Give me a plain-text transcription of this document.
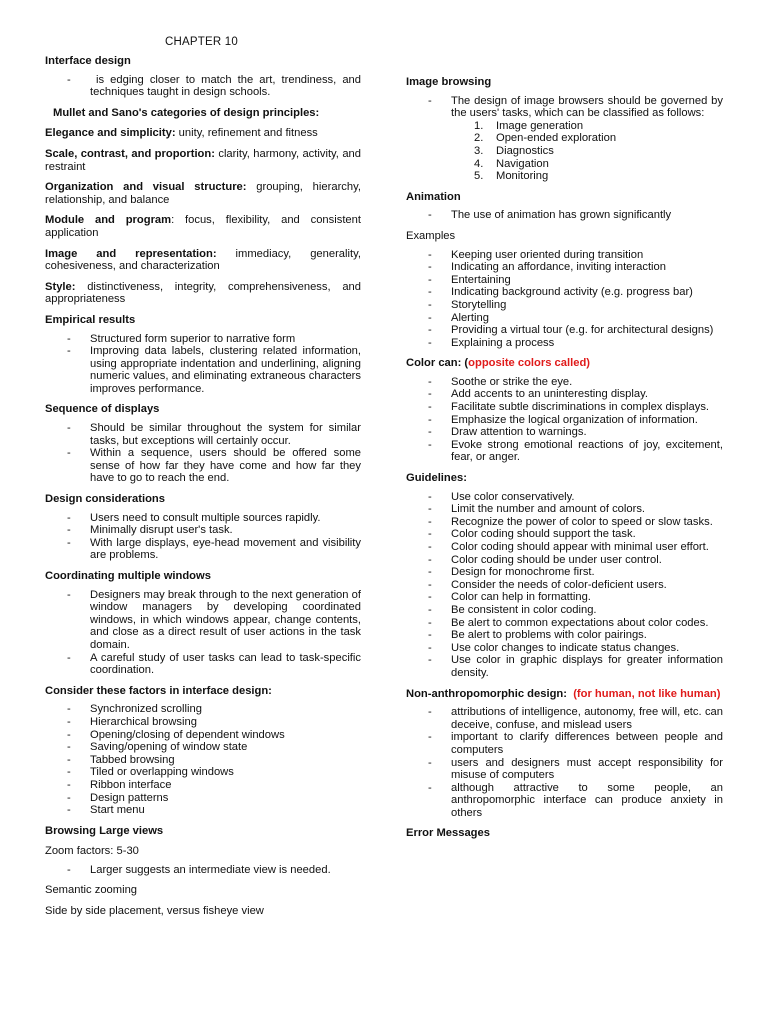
CHAPTER 10

Interface design

- is edging closer to match the art, trendiness, and techniques taught in design schools.

Mullet and Sano's categories of design principles:

Elegance and simplicity: unity, refinement and fitness

Scale, contrast, and proportion: clarity, harmony, activity, and restraint

Organization and visual structure: grouping, hierarchy, relationship, and balance

Module and program: focus, flexibility, and consistent application

Image and representation: immediacy, generality, cohesiveness, and characterization

Style: distinctiveness, integrity, comprehensiveness, and appropriateness

Empirical results

- Structured form superior to narrative form
- Improving data labels, clustering related information, using appropriate indentation and underlining, aligning numeric values, and eliminating extraneous characters improves performance.

Sequence of displays

- Should be similar throughout the system for similar tasks, but exceptions will certainly occur.
- Within a sequence, users should be offered some sense of how far they have come and how far they have to go to reach the end.

Design considerations

- Users need to consult multiple sources rapidly.
- Minimally disrupt user's task.
- With large displays, eye-head movement and visibility are problems.

Coordinating multiple windows

- Designers may break through to the next generation of window managers by developing coordinated windows, in which windows appear, change contents, and close as a direct result of user actions in the task domain.
- A careful study of user tasks can lead to task-specific coordination.

Consider these factors in interface design:

- Synchronized scrolling
- Hierarchical browsing
- Opening/closing of dependent windows
- Saving/opening of window state
- Tabbed browsing
- Tiled or overlapping windows
- Ribbon interface
- Design patterns
- Start menu

Browsing Large views

Zoom factors: 5-30

- Larger suggests an intermediate view is needed.

Semantic zooming

Side by side placement, versus fisheye view

Image browsing

- The design of image browsers should be governed by the users' tasks, which can be classified as follows:
1. Image generation
2. Open-ended exploration
3. Diagnostics
4. Navigation
5. Monitoring

Animation

- The use of animation has grown significantly

Examples

- Keeping user oriented during transition
- Indicating an affordance, inviting interaction
- Entertaining
- Indicating background activity (e.g. progress bar)
- Storytelling
- Alerting
- Providing a virtual tour (e.g. for architectural designs)
- Explaining a process

Color can: (opposite colors called)

- Soothe or strike the eye.
- Add accents to an uninteresting display.
- Facilitate subtle discriminations in complex displays.
- Emphasize the logical organization of information.
- Draw attention to warnings.
- Evoke strong emotional reactions of joy, excitement, fear, or anger.

Guidelines:

- Use color conservatively.
- Limit the number and amount of colors.
- Recognize the power of color to speed or slow tasks.
- Color coding should support the task.
- Color coding should appear with minimal user effort.
- Color coding should be under user control.
- Design for monochrome first.
- Consider the needs of color-deficient users.
- Color can help in formatting.
- Be consistent in color coding.
- Be alert to common expectations about color codes.
- Be alert to problems with color pairings.
- Use color changes to indicate status changes.
- Use color in graphic displays for greater information density.

Non-anthropomorphic design: (for human, not like human)

- attributions of intelligence, autonomy, free will, etc. can deceive, confuse, and mislead users
- important to clarify differences between people and computers
- users and designers must accept responsibility for misuse of computers
- although attractive to some people, an anthropomorphic interface can produce anxiety in others

Error Messages
